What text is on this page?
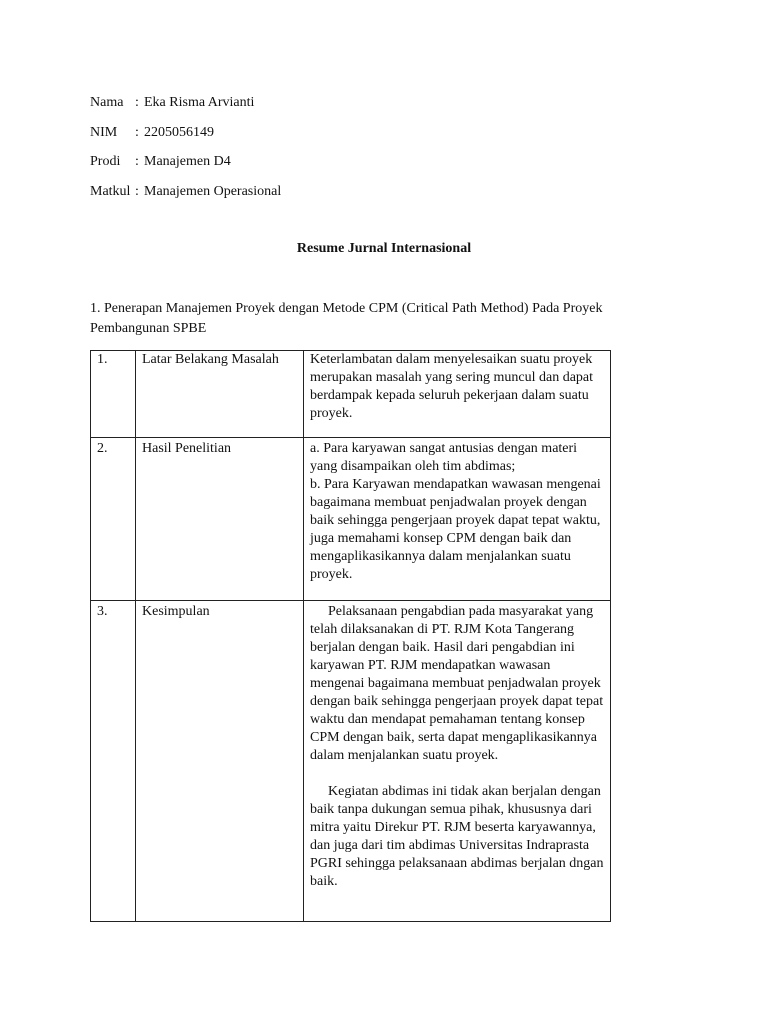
Nama : Eka Risma Arvianti
NIM	: 2205056149
Prodi	: Manajemen D4
Matkul : Manajemen Operasional
Resume Jurnal Internasional
1. Penerapan Manajemen Proyek dengan Metode CPM (Critical Path Method) Pada Proyek Pembangunan SPBE
1.	Latar Belakang Masalah	Keterlambatan dalam menyelesaikan suatu proyek merupakan masalah yang sering muncul dan dapat berdampak kepada seluruh pekerjaan dalam suatu proyek.
2.	Hasil Penelitian	a. Para karyawan sangat antusias dengan materi yang disampaikan oleh tim abdimas;
b. Para Karyawan mendapatkan wawasan mengenai bagaimana membuat penjadwalan proyek dengan baik sehingga pengerjaan proyek dapat tepat waktu, juga memahami konsep CPM dengan baik dan mengaplikasikannya dalam menjalankan suatu proyek.

3.	Kesimpulan	Pelaksanaan pengabdian pada masyarakat yang telah dilaksanakan di PT. RJM Kota Tangerang berjalan dengan baik. Hasil dari pengabdian ini karyawan PT. RJM mendapatkan wawasan mengenai bagaimana membuat penjadwalan proyek dengan baik sehingga pengerjaan proyek dapat tepat waktu dan mendapat pemahaman tentang konsep CPM dengan baik, serta dapat mengaplikasikannya dalam menjalankan suatu proyek.
Kegiatan abdimas ini tidak akan berjalan dengan baik tanpa dukungan semua pihak, khususnya dari mitra yaitu Direkur PT. RJM beserta karyawannya, dan juga dari tim abdimas Universitas Indraprasta PGRI sehingga pelaksanaan abdimas berjalan dngan baik.
